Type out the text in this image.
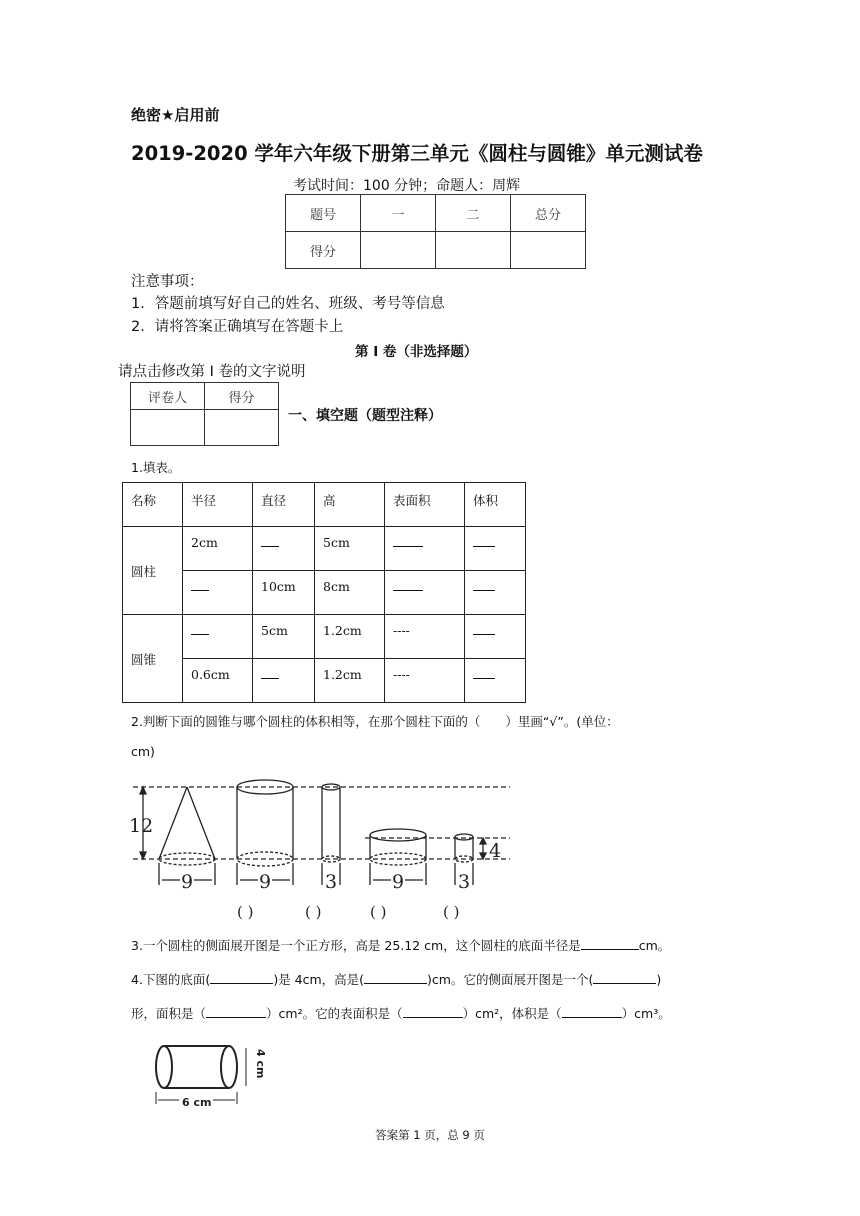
绝密★启用前
2019-2020 学年六年级下册第三单元《圆柱与圆锥》单元测试卷
考试时间：100 分钟；命题人：周辉
题号	一	二	总分
得分			
注意事项：
1．答题前填写好自己的姓名、班级、考号等信息
2．请将答案正确填写在答题卡上
第 I 卷（非选择题）
请点击修改第 I 卷的文字说明
评卷人	得分

一、填空题（题型注释）
1.填表。
名称	半径	直径	高	表面积	体积
圆柱	2cm		5cm		
		10cm	8cm		
圆锥		5cm	1.2cm	----	
	0.6cm		1.2cm	----	
2.判断下面的圆锥与哪个圆柱的体积相等，在那个圆柱下面的（　　）里画“√”。(单位：
cm)
12
4
9	9	3	9	3
( )	( )	( )	( )
3.一个圆柱的侧面展开图是一个正方形，高是 25.12 cm，这个圆柱的底面半径是	cm。
4.下图的底面(	)是 4cm，高是(	)cm。它的侧面展开图是一个(	)
形，面积是（	）cm²。它的表面积是（	）cm²，体积是（	）cm³。
6 cm
4 cm
答案第 1 页，总 9 页
